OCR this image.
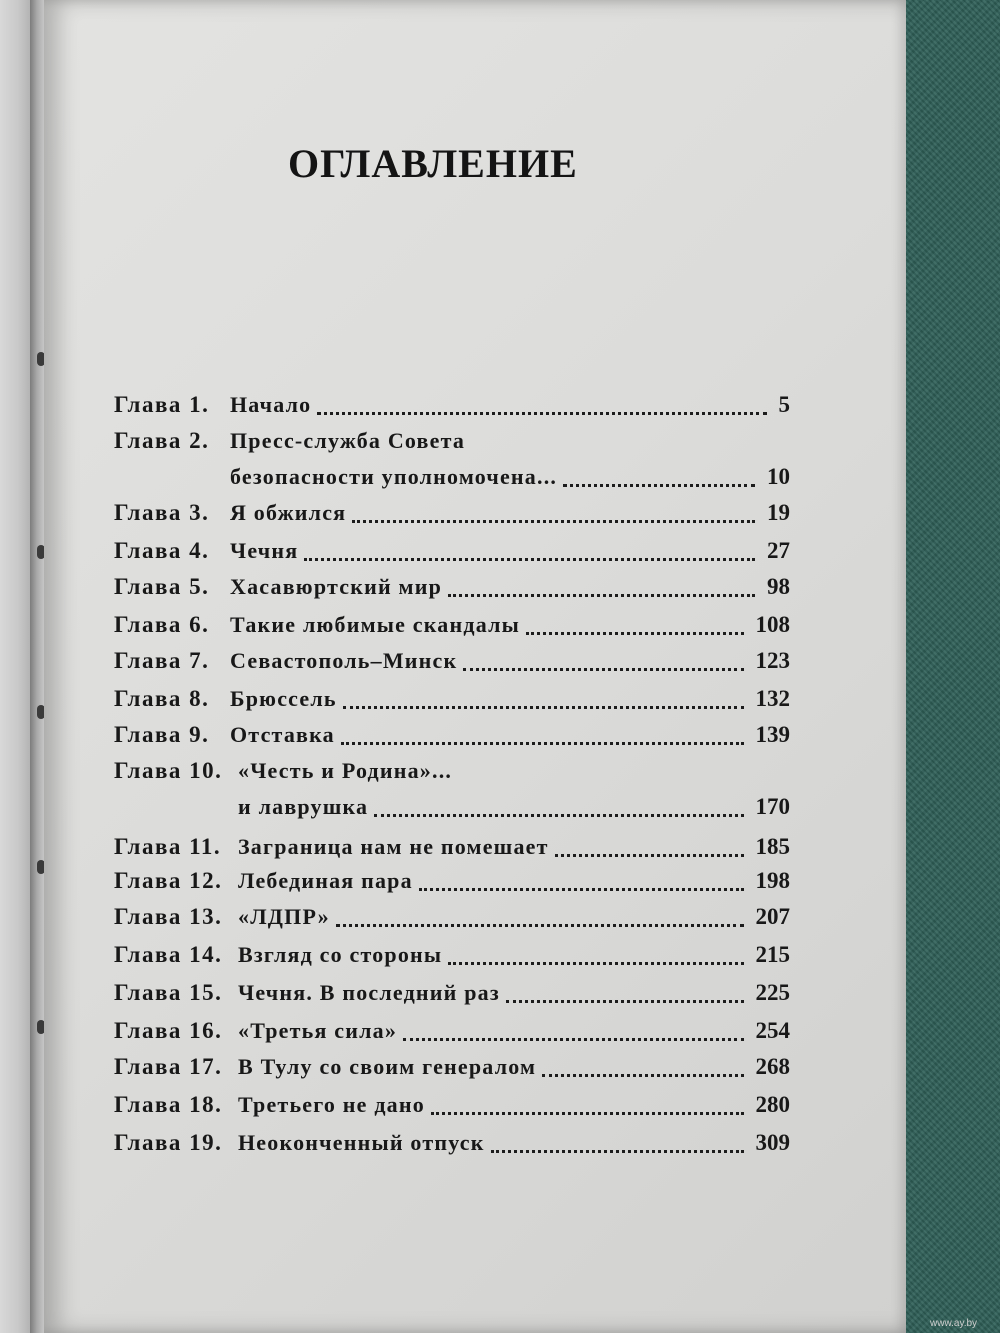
ОГЛАВЛЕНИЕ
Глава 1. Начало	5
Глава 2. Пресс-служба Совета
безопасности уполномочена...	10
Глава 3. Я обжился	19
Глава 4. Чечня	27
Глава 5. Хасавюртский мир	98
Глава 6. Такие любимые скандалы	108
Глава 7. Севастополь–Минск	123
Глава 8. Брюссель	132
Глава 9. Отставка	139
Глава 10. «Честь и Родина»...
и лаврушка	170
Глава 11. Заграница нам не помешает	185
Глава 12. Лебединая пара	198
Глава 13. «ЛДПР»	207
Глава 14. Взгляд со стороны	215
Глава 15. Чечня. В последний раз	225
Глава 16. «Третья сила»	254
Глава 17. В Тулу со своим генералом	268
Глава 18. Третьего не дано	280
Глава 19. Неоконченный отпуск	309
www.ay.by
